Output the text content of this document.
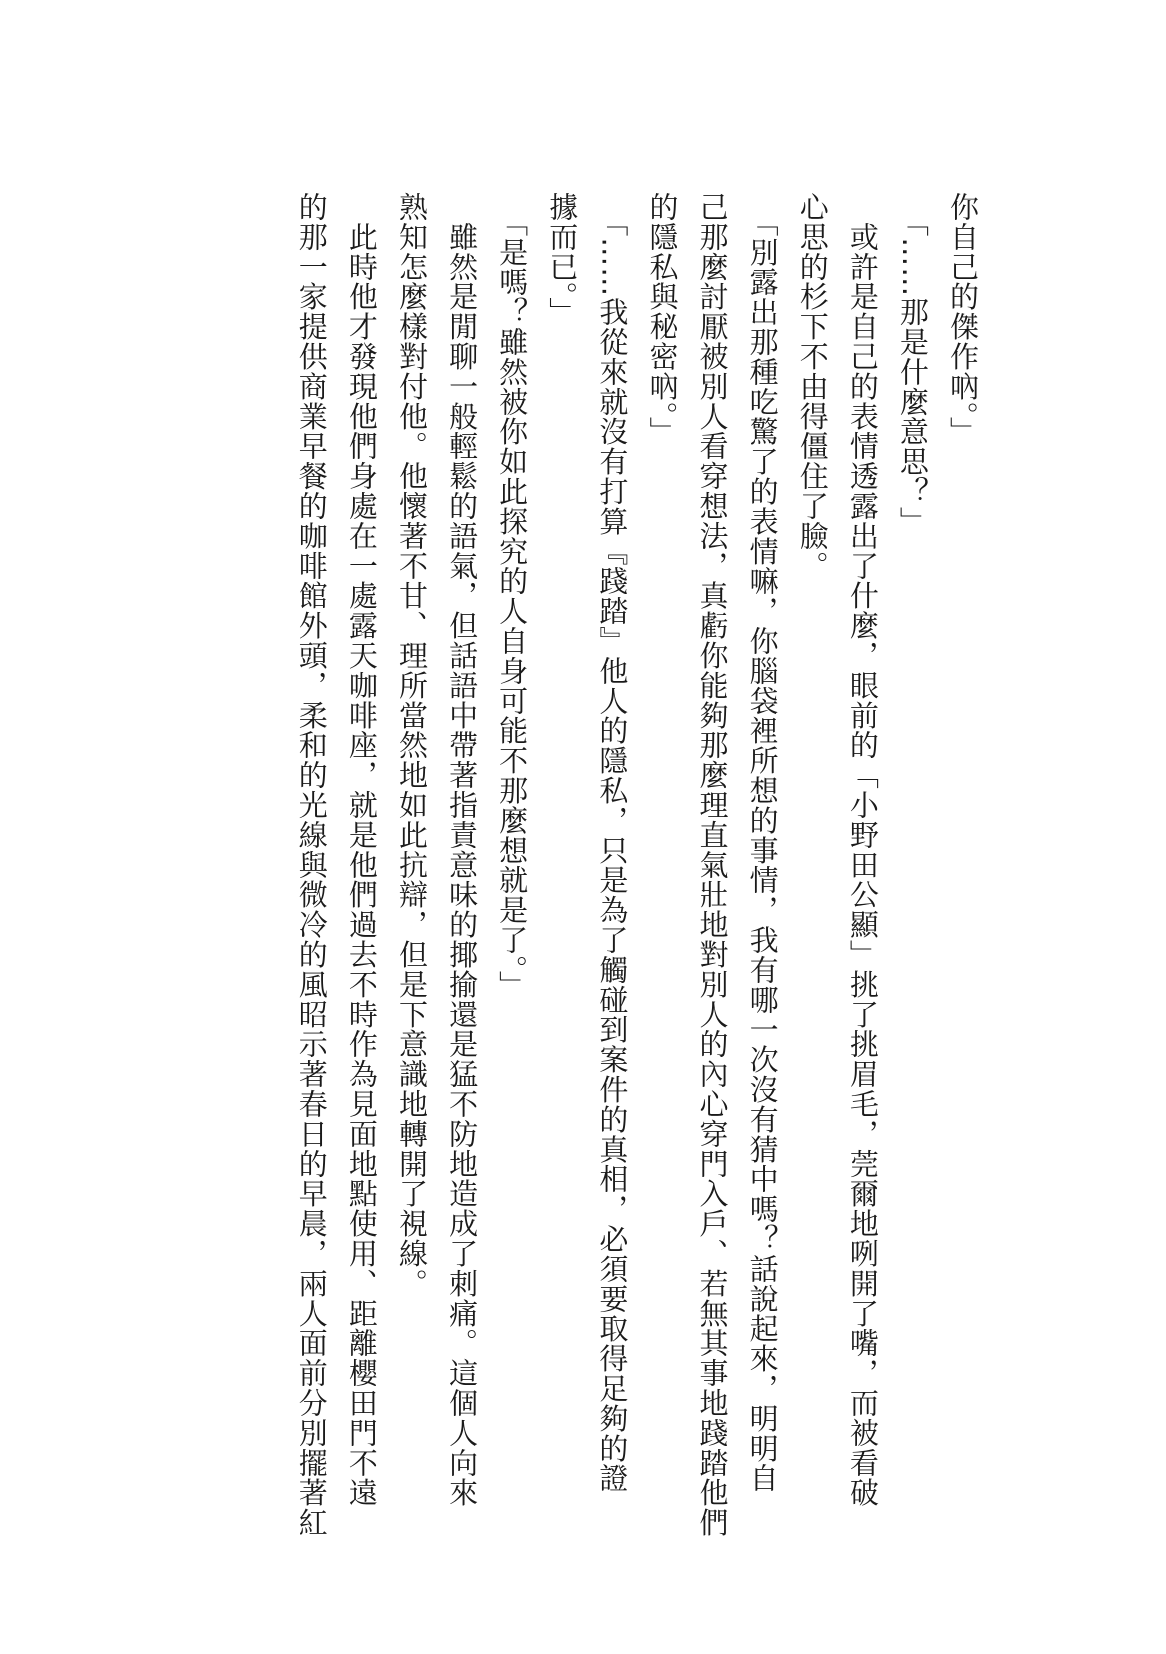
你自己的傑作吶。」
　「……那是什麼意思？」
　或許是自己的表情透露出了什麼，眼前的「小野田公顯」挑了挑眉毛，莞爾地咧開了嘴，而被看破
心思的杉下不由得僵住了臉。
　「別露出那種吃驚了的表情嘛，你腦袋裡所想的事情，我有哪一次沒有猜中嗎？話說起來，明明自
己那麼討厭被別人看穿想法，真虧你能夠那麼理直氣壯地對別人的內心穿門入戶、若無其事地踐踏他們
的隱私與秘密吶。」
　「……我從來就沒有打算『踐踏』他人的隱私，只是為了觸碰到案件的真相，必須要取得足夠的證
據而已。」
　「是嗎？雖然被你如此探究的人自身可能不那麼想就是了。」
　雖然是閒聊一般輕鬆的語氣，但話語中帶著指責意味的揶揄還是猛不防地造成了刺痛。這個人向來
熟知怎麼樣對付他。他懷著不甘、理所當然地如此抗辯，但是下意識地轉開了視線。
　此時他才發現他們身處在一處露天咖啡座，就是他們過去不時作為見面地點使用、距離櫻田門不遠
的那一家提供商業早餐的咖啡館外頭，柔和的光線與微冷的風昭示著春日的早晨，兩人面前分別擺著紅
